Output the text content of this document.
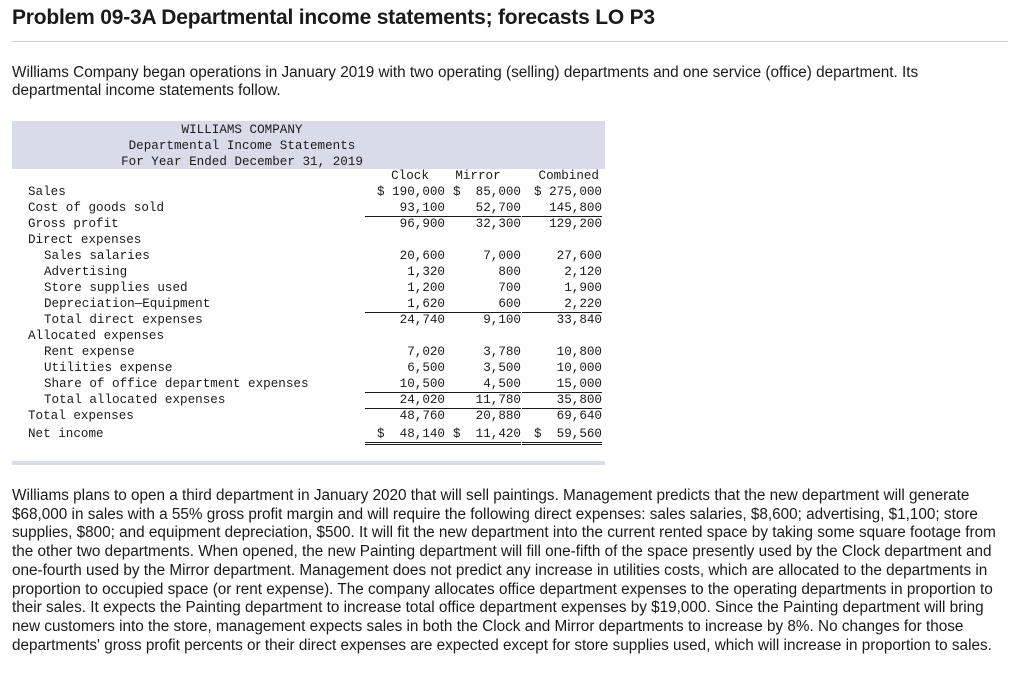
Problem 09-3A Departmental income statements; forecasts LO P3
Williams Company began operations in January 2019 with two operating (selling) departments and one service (office) department. Its departmental income statements follow.
WILLIAMS COMPANY
Departmental Income Statements
For Year Ended December 31, 2019
Clock	Mirror	Combined
Sales	$ 190,000 $  85,000	$ 275,000
Cost of goods sold	93,100	52,700	145,800
Gross profit	96,900	32,300	129,200
Direct expenses
Sales salaries	20,600	7,000	27,600
Advertising	1,320	800	2,120
Store supplies used	1,200	700	1,900
Depreciation—Equipment	1,620	600	2,220
Total direct expenses	24,740	9,100	33,840
Allocated expenses
Rent expense	7,020	3,780	10,800
Utilities expense	6,500	3,500	10,000
Share of office department expenses	10,500	4,500	15,000
Total allocated expenses	24,020	11,780	35,800
Total expenses	48,760	20,880	69,640
Net income	$  48,140 $  11,420	$  59,560
Williams plans to open a third department in January 2020 that will sell paintings. Management predicts that the new department will generate $68,000 in sales with a 55% gross profit margin and will require the following direct expenses: sales salaries, $8,600; advertising, $1,100; store supplies, $800; and equipment depreciation, $500. It will fit the new department into the current rented space by taking some square footage from the other two departments. When opened, the new Painting department will fill one-fifth of the space presently used by the Clock department and one-fourth used by the Mirror department. Management does not predict any increase in utilities costs, which are allocated to the departments in proportion to occupied space (or rent expense). The company allocates office department expenses to the operating departments in proportion to their sales. It expects the Painting department to increase total office department expenses by $19,000. Since the Painting department will bring new customers into the store, management expects sales in both the Clock and Mirror departments to increase by 8%. No changes for those departments' gross profit percents or their direct expenses are expected except for store supplies used, which will increase in proportion to sales.
